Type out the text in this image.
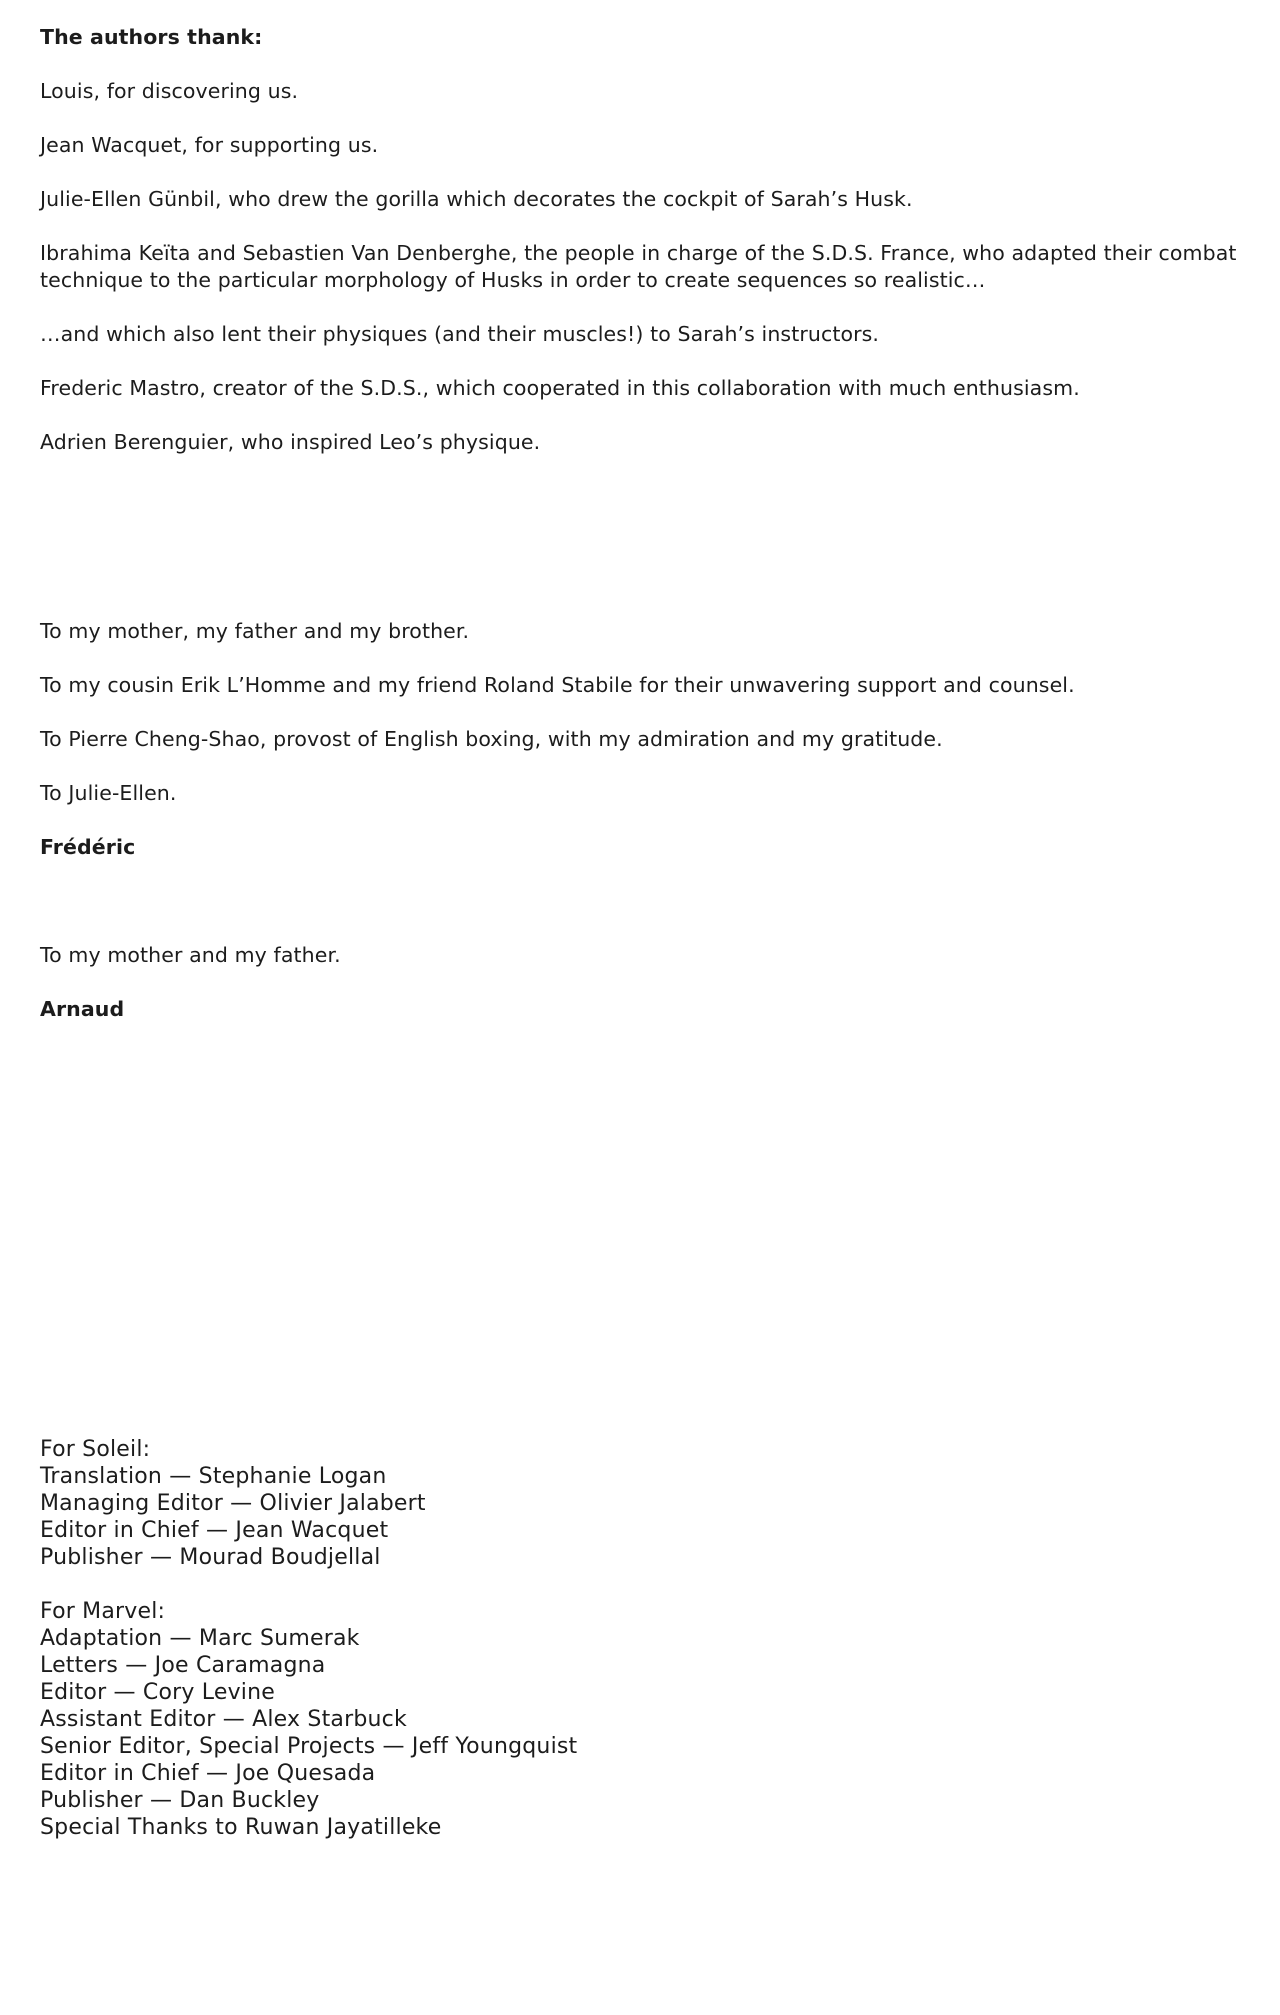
The authors thank:

Louis, for discovering us.

Jean Wacquet, for supporting us.

Julie-Ellen Günbil, who drew the gorilla which decorates the cockpit of Sarah’s Husk.

Ibrahima Keïta and Sebastien Van Denberghe, the people in charge of the S.D.S. France, who adapted their combat

technique to the particular morphology of Husks in order to create sequences so realistic…

…and which also lent their physiques (and their muscles!) to Sarah’s instructors.

Frederic Mastro, creator of the S.D.S., which cooperated in this collaboration with much enthusiasm.

Adrien Berenguier, who inspired Leo’s physique.

To my mother, my father and my brother.

To my cousin Erik L’Homme and my friend Roland Stabile for their unwavering support and counsel.

To Pierre Cheng-Shao, provost of English boxing, with my admiration and my gratitude.

To Julie-Ellen.

Frédéric

To my mother and my father.

Arnaud

For Soleil:
Translation — Stephanie Logan
Managing Editor — Olivier Jalabert
Editor in Chief — Jean Wacquet
Publisher — Mourad Boudjellal
For Marvel:
Adaptation — Marc Sumerak
Letters — Joe Caramagna
Editor — Cory Levine
Assistant Editor — Alex Starbuck
Senior Editor, Special Projects — Jeff Youngquist
Editor in Chief — Joe Quesada
Publisher — Dan Buckley
Special Thanks to Ruwan Jayatilleke
